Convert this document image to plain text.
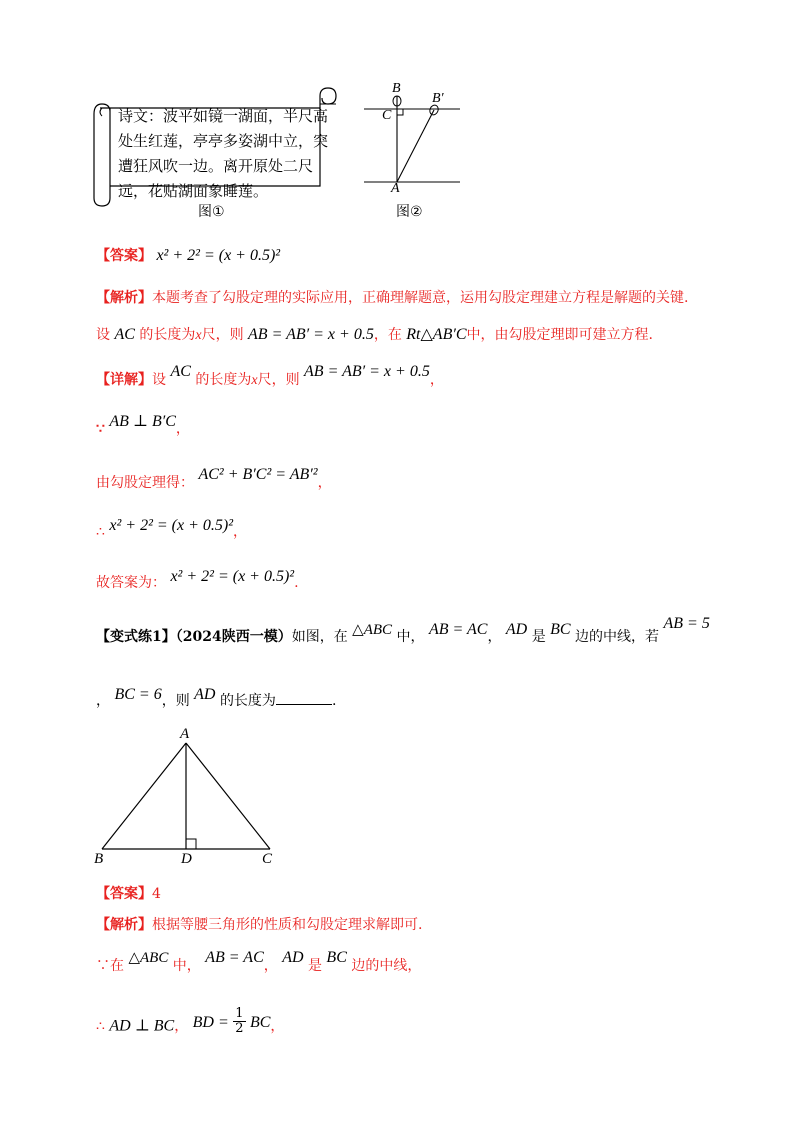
诗文：波平如镜一湖面，半尺高
处生红莲，亭亭多姿湖中立，突
遭狂风吹一边。离开原处二尺
远，花贴湖面象睡莲。
图①
B
B′
C
A
图②
【答案】 x² + 2² = (x + 0.5)²
【解析】本题考查了勾股定理的实际应用，正确理解题意，运用勾股定理建立方程是解题的关键.
设 AC 的长度为x尺，则 AB = AB′ = x + 0.5，在 Rt△AB′C中，由勾股定理即可建立方程.
【详解】设 AC 的长度为x尺，则 AB = AB′ = x + 0.5，
∵ AB ⊥ B′C，
由勾股定理得： AC² + B′C² = AB′²，
∴ x² + 2² = (x + 0.5)²，
故答案为： x² + 2² = (x + 0.5)².
【变式练1】（2024陕西一模）如图，在 △ABC 中， AB = AC， AD 是 BC 边的中线，若 AB = 5
， BC = 6，则 AD 的长度为	.
A
B	D	C
【答案】4
【解析】根据等腰三角形的性质和勾股定理求解即可.
∵在 △ABC 中， AB = AC， AD 是 BC 边的中线，
∴ AD ⊥ BC， BD = $\frac{1}{2}$ BC，
